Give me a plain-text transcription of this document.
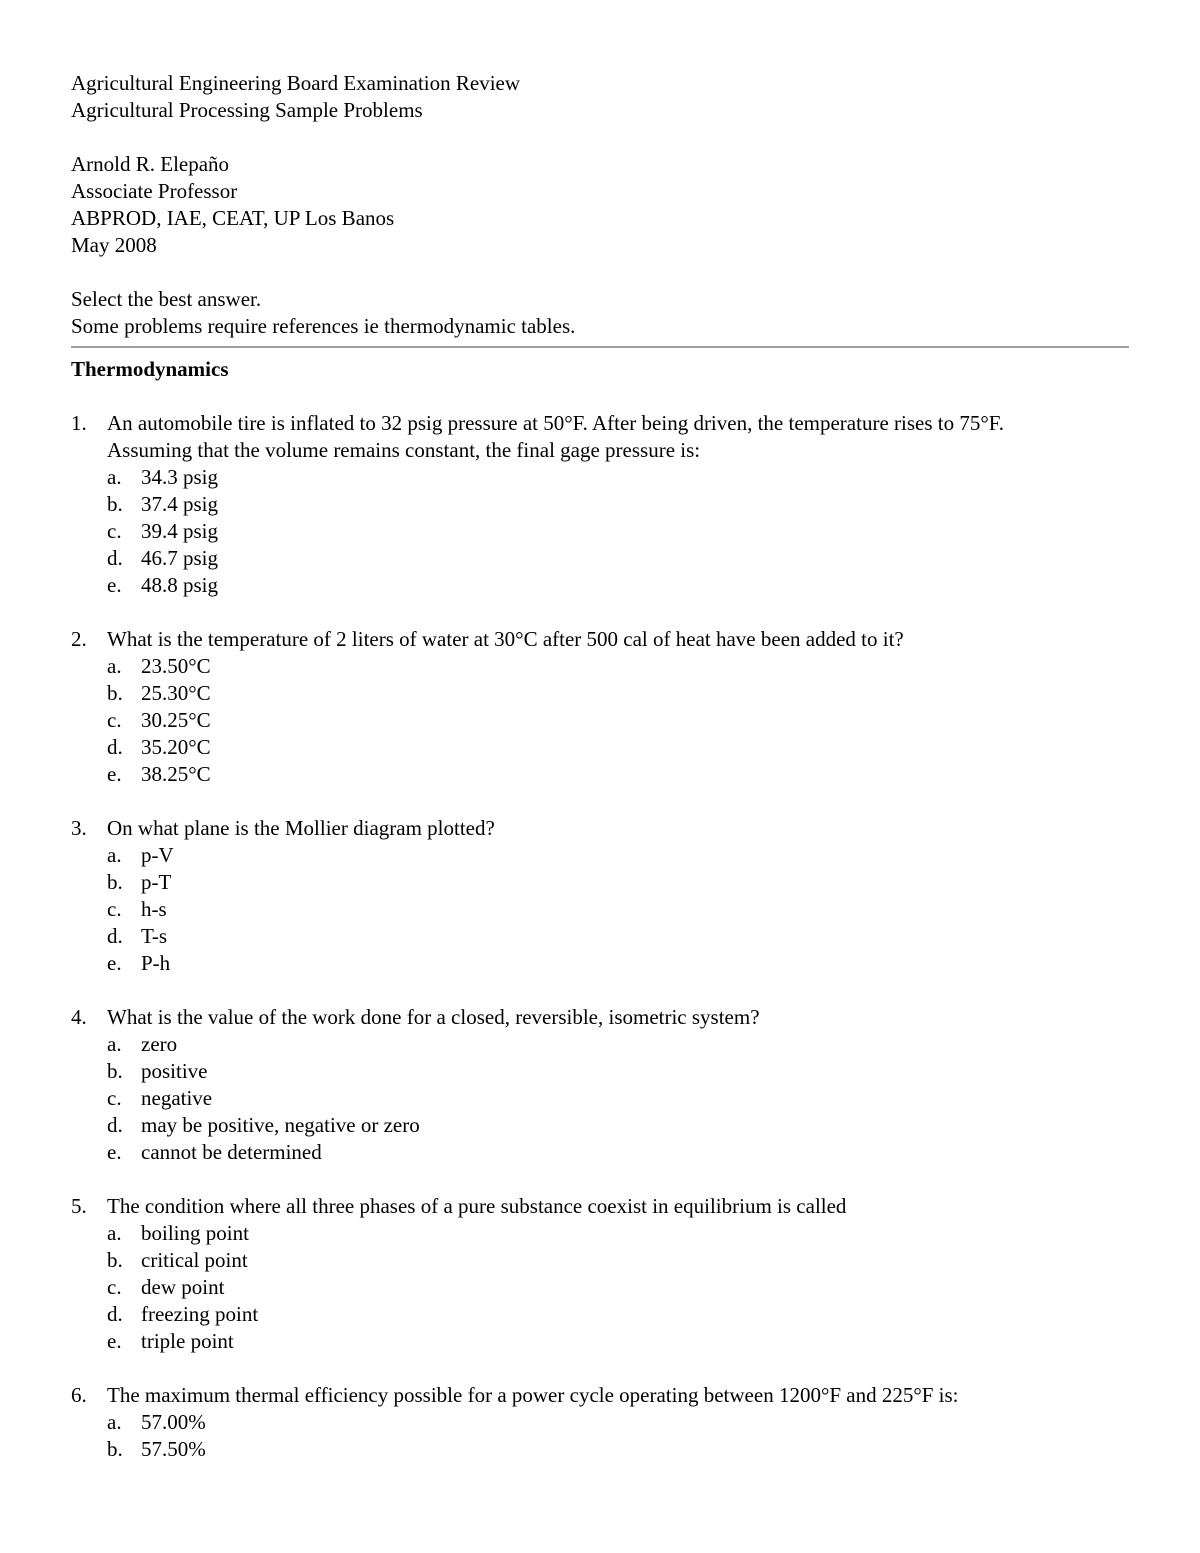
Agricultural Engineering Board Examination Review
Agricultural Processing Sample Problems
Arnold R. Elepaño
Associate Professor
ABPROD, IAE, CEAT, UP Los Banos
May 2008
Select the best answer.
Some problems require references ie thermodynamic tables.
Thermodynamics
1. An automobile tire is inflated to 32 psig pressure at 50°F. After being driven, the temperature rises to 75°F.
Assuming that the volume remains constant, the final gage pressure is:
a. 34.3 psig
b. 37.4 psig
c. 39.4 psig
d. 46.7 psig
e. 48.8 psig
2. What is the temperature of 2 liters of water at 30°C after 500 cal of heat have been added to it?
a. 23.50°C
b. 25.30°C
c. 30.25°C
d. 35.20°C
e. 38.25°C
3. On what plane is the Mollier diagram plotted?
a. p-V
b. p-T
c. h-s
d. T-s
e. P-h
4. What is the value of the work done for a closed, reversible, isometric system?
a. zero
b. positive
c. negative
d. may be positive, negative or zero
e. cannot be determined
5. The condition where all three phases of a pure substance coexist in equilibrium is called
a. boiling point
b. critical point
c. dew point
d. freezing point
e. triple point
6. The maximum thermal efficiency possible for a power cycle operating between 1200°F and 225°F is:
a. 57.00%
b. 57.50%
